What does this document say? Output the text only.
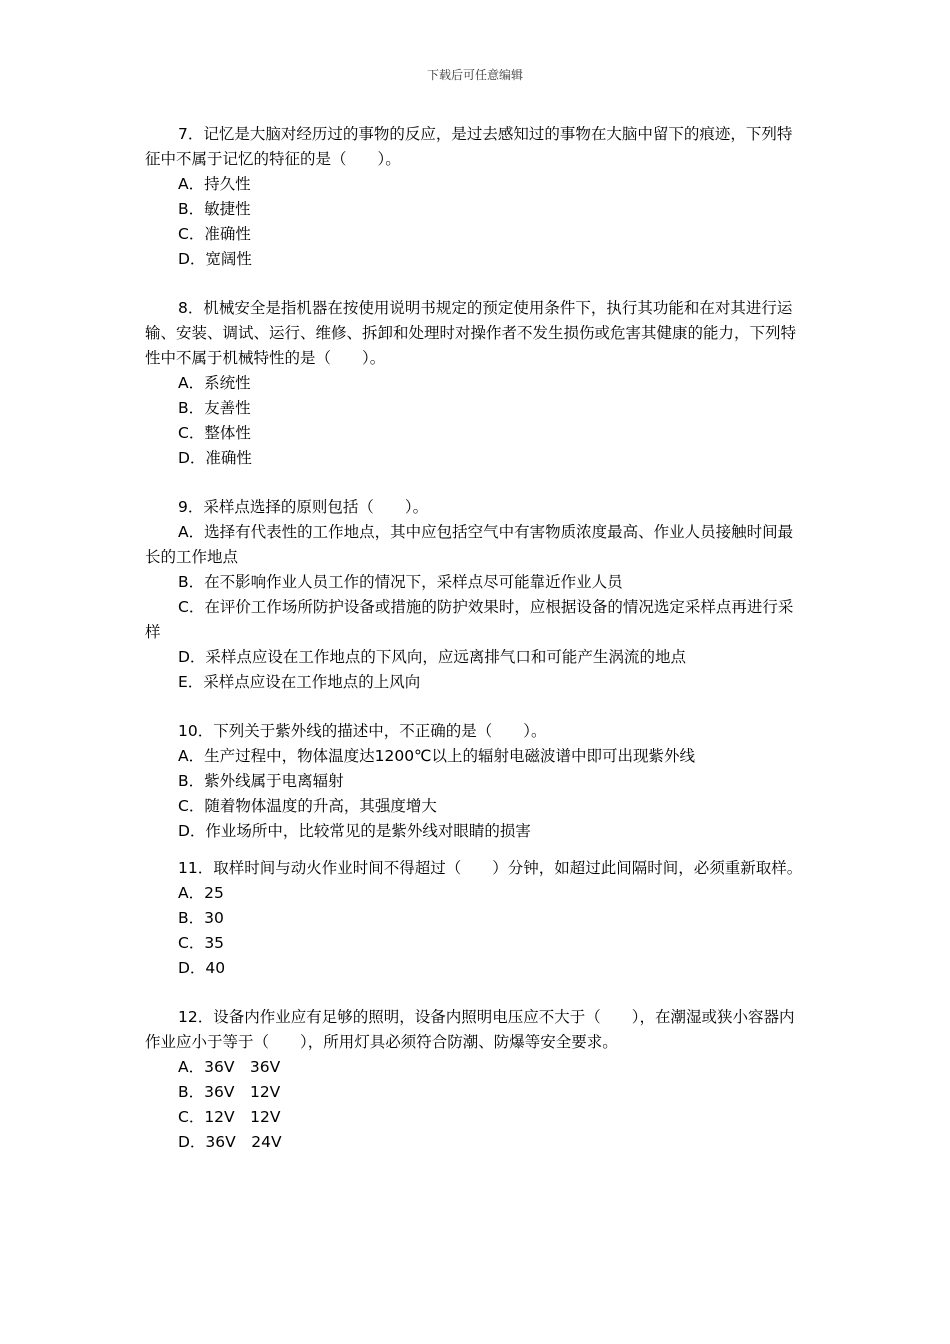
下载后可任意编辑
7．记忆是大脑对经历过的事物的反应，是过去感知过的事物在大脑中留下的痕迹，下列特征中不属于记忆的特征的是（　　）。
A．持久性
B．敏捷性
C．准确性
D．宽阔性
8．机械安全是指机器在按使用说明书规定的预定使用条件下，执行其功能和在对其进行运输、安装、调试、运行、维修、拆卸和处理时对操作者不发生损伤或危害其健康的能力，下列特性中不属于机械特性的是（　　）。
A．系统性
B．友善性
C．整体性
D．准确性
9．采样点选择的原则包括（　　）。
A．选择有代表性的工作地点，其中应包括空气中有害物质浓度最高、作业人员接触时间最长的工作地点
B．在不影响作业人员工作的情况下，采样点尽可能靠近作业人员
C．在评价工作场所防护设备或措施的防护效果时，应根据设备的情况选定采样点再进行采样
D．采样点应设在工作地点的下风向，应远离排气口和可能产生涡流的地点
E．采样点应设在工作地点的上风向
10．下列关于紫外线的描述中，不正确的是（　　）。
A．生产过程中，物体温度达1200℃以上的辐射电磁波谱中即可出现紫外线
B．紫外线属于电离辐射
C．随着物体温度的升高，其强度增大
D．作业场所中，比较常见的是紫外线对眼睛的损害
11．取样时间与动火作业时间不得超过（　　）分钟，如超过此间隔时间，必须重新取样。
A．25
B．30
C．35
D．40
12．设备内作业应有足够的照明，设备内照明电压应不大于（　　），在潮湿或狭小容器内作业应小于等于（　　），所用灯具必须符合防潮、防爆等安全要求。
A．36V　36V
B．36V　12V
C．12V　12V
D．36V　24V
